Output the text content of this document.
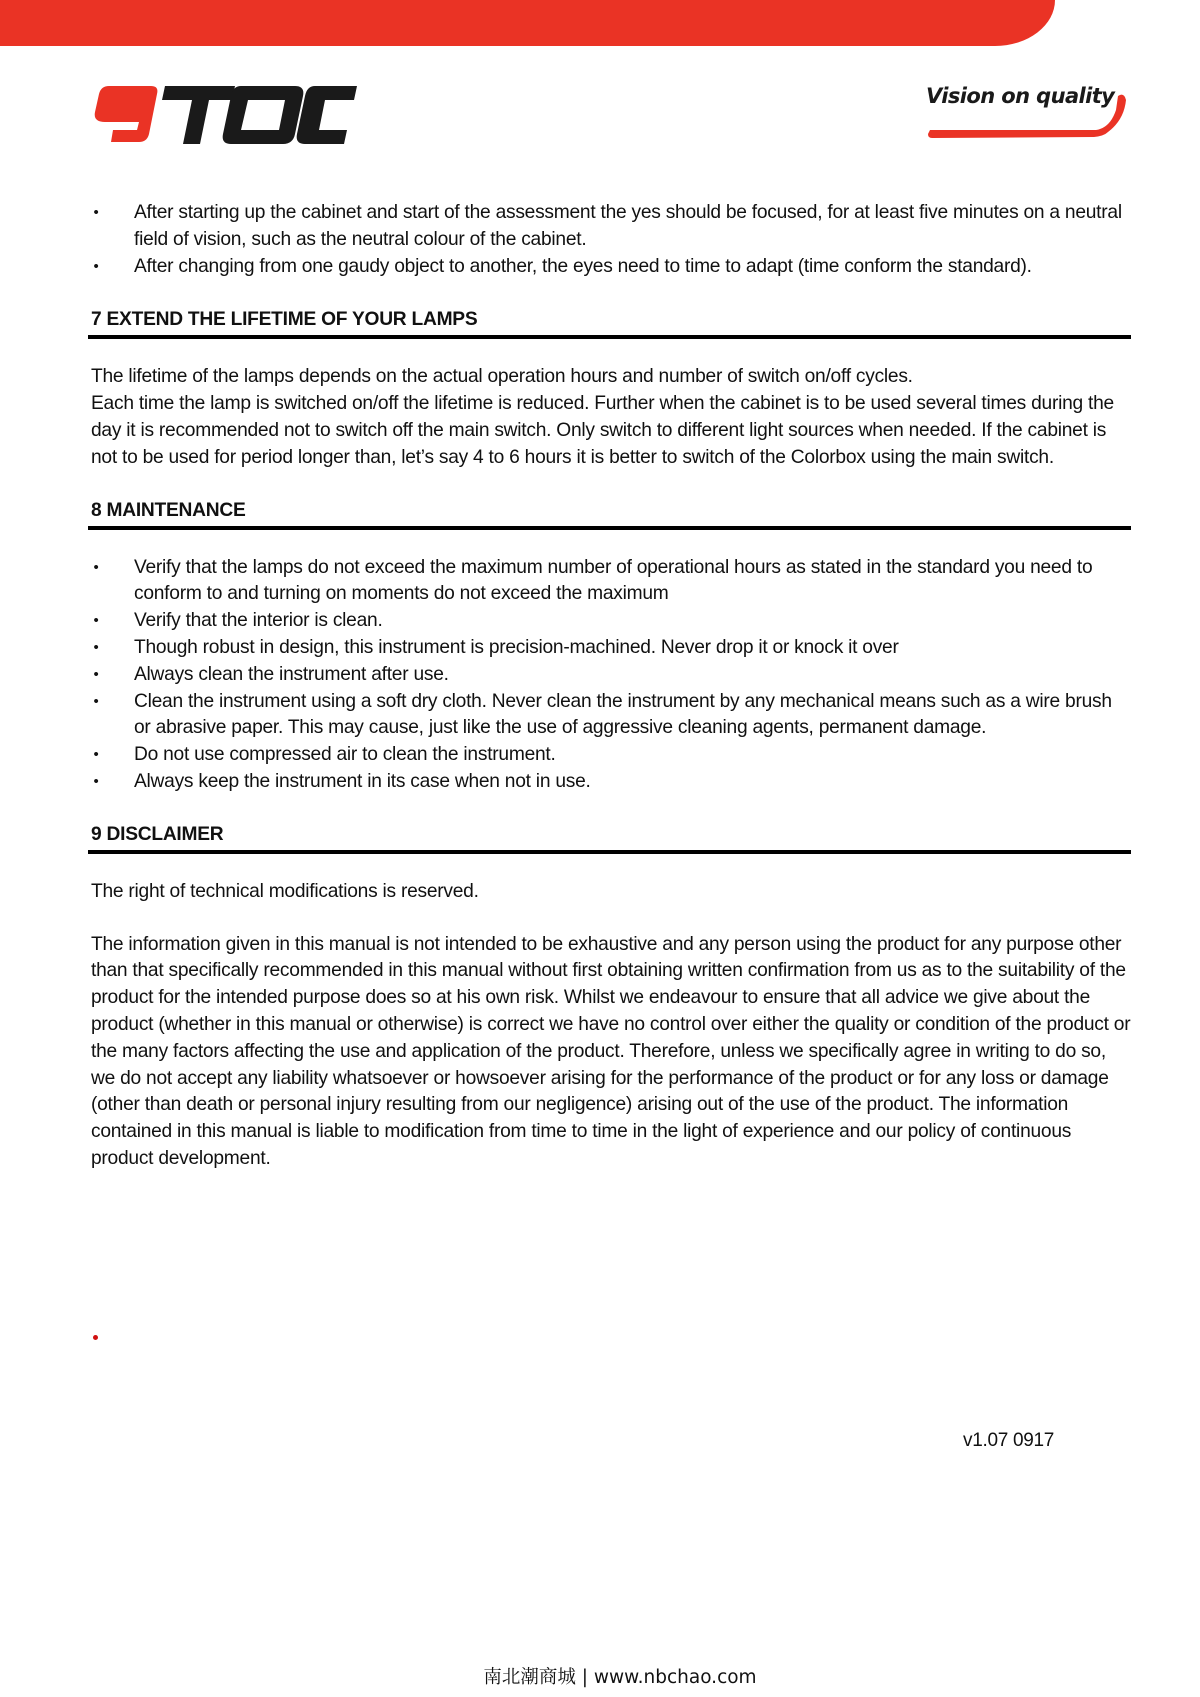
Vision on quality
• After starting up the cabinet and start of the assessment the yes should be focused, for at least five minutes on a neutral field of vision, such as the neutral colour of the cabinet.
• After changing from one gaudy object to another, the eyes need to time to adapt (time conform the standard).
7 EXTEND THE LIFETIME OF YOUR LAMPS

The lifetime of the lamps depends on the actual operation hours and number of switch on/off cycles.

Each time the lamp is switched on/off the lifetime is reduced. Further when the cabinet is to be used several times during the day it is recommended not to switch off the main switch. Only switch to different light sources when needed. If the cabinet is not to be used for period longer than, let’s say 4 to 6 hours it is better to switch of the Colorbox using the main switch.

8 MAINTENANCE
• Verify that the lamps do not exceed the maximum number of operational hours as stated in the standard you need to conform to and turning on moments do not exceed the maximum
• Verify that the interior is clean.
• Though robust in design, this instrument is precision-machined. Never drop it or knock it over
• Always clean the instrument after use.
• Clean the instrument using a soft dry cloth. Never clean the instrument by any mechanical means such as a wire brush or abrasive paper. This may cause, just like the use of aggressive cleaning agents, permanent damage.
• Do not use compressed air to clean the instrument.
• Always keep the instrument in its case when not in use.
9 DISCLAIMER

The right of technical modifications is reserved.

The information given in this manual is not intended to be exhaustive and any person using the product for any purpose other than that specifically recommended in this manual without first obtaining written confirmation from us as to the suitability of the product for the intended purpose does so at his own risk. Whilst we endeavour to ensure that all advice we give about the product (whether in this manual or otherwise) is correct we have no control over either the quality or condition of the product or the many factors affecting the use and application of the product. Therefore, unless we specifically agree in writing to do so, we do not accept any liability whatsoever or howsoever arising for the performance of the product or for any loss or damage (other than death or personal injury resulting from our negligence) arising out of the use of the product. The information contained in this manual is liable to modification from time to time in the light of experience and our policy of continuous product development.

v1.07 0917
南北潮商城 | www.nbchao.com
